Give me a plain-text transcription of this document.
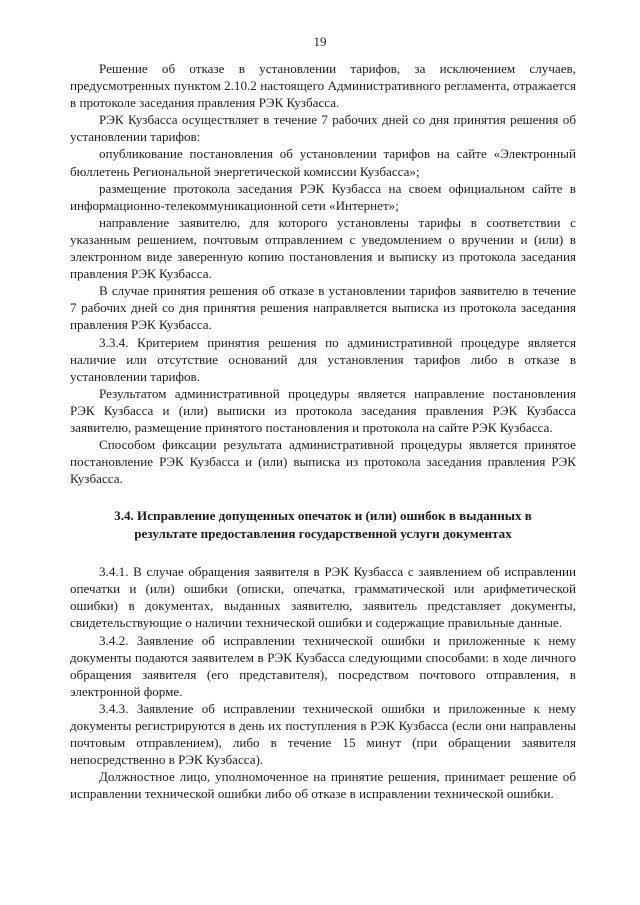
19

Решение об отказе в установлении тарифов, за исключением случаев, предусмотренных пунктом 2.10.2 настоящего Административного регламента, отражается в протоколе заседания правления РЭК Кузбасса.

РЭК Кузбасса осуществляет в течение 7 рабочих дней со дня принятия решения об установлении тарифов:

опубликование постановления об установлении тарифов на сайте «Электронный бюллетень Региональной энергетической комиссии Кузбасса»;

размещение протокола заседания РЭК Кузбасса на своем официальном сайте в информационно-телекоммуникационной сети «Интернет»;

направление заявителю, для которого установлены тарифы в соответствии с указанным решением, почтовым отправлением с уведомлением о вручении и (или) в электронном виде заверенную копию постановления и выписку из протокола заседания правления РЭК Кузбасса.

В случае принятия решения об отказе в установлении тарифов заявителю в течение 7 рабочих дней со дня принятия решения направляется выписка из протокола заседания правления РЭК Кузбасса.

3.3.4. Критерием принятия решения по административной процедуре является наличие или отсутствие оснований для установления тарифов либо в отказе в установлении тарифов.

Результатом административной процедуры является направление постановления РЭК Кузбасса и (или) выписки из протокола заседания правления РЭК Кузбасса заявителю, размещение принятого постановления и протокола на сайте РЭК Кузбасса.

Способом фиксации результата административной процедуры является принятое постановление РЭК Кузбасса и (или) выписка из протокола заседания правления РЭК Кузбасса.

3.4. Исправление допущенных опечаток и (или) ошибок в выданных в результате предоставления государственной услуги документах

3.4.1. В случае обращения заявителя в РЭК Кузбасса с заявлением об исправлении опечатки и (или) ошибки (описки, опечатка, грамматической или арифметической ошибки) в документах, выданных заявителю, заявитель представляет документы, свидетельствующие о наличии технической ошибки и содержащие правильные данные.

3.4.2. Заявление об исправлении технической ошибки и приложенные к нему документы подаются заявителем в РЭК Кузбасса следующими способами: в ходе личного обращения заявителя (его представителя), посредством почтового отправления, в электронной форме.

3.4.3. Заявление об исправлении технической ошибки и приложенные к нему документы регистрируются в день их поступления в РЭК Кузбасса (если они направлены почтовым отправлением), либо в течение 15 минут (при обращении заявителя непосредственно в РЭК Кузбасса).

Должностное лицо, уполномоченное на принятие решения, принимает решение об исправлении технической ошибки либо об отказе в исправлении технической ошибки.
